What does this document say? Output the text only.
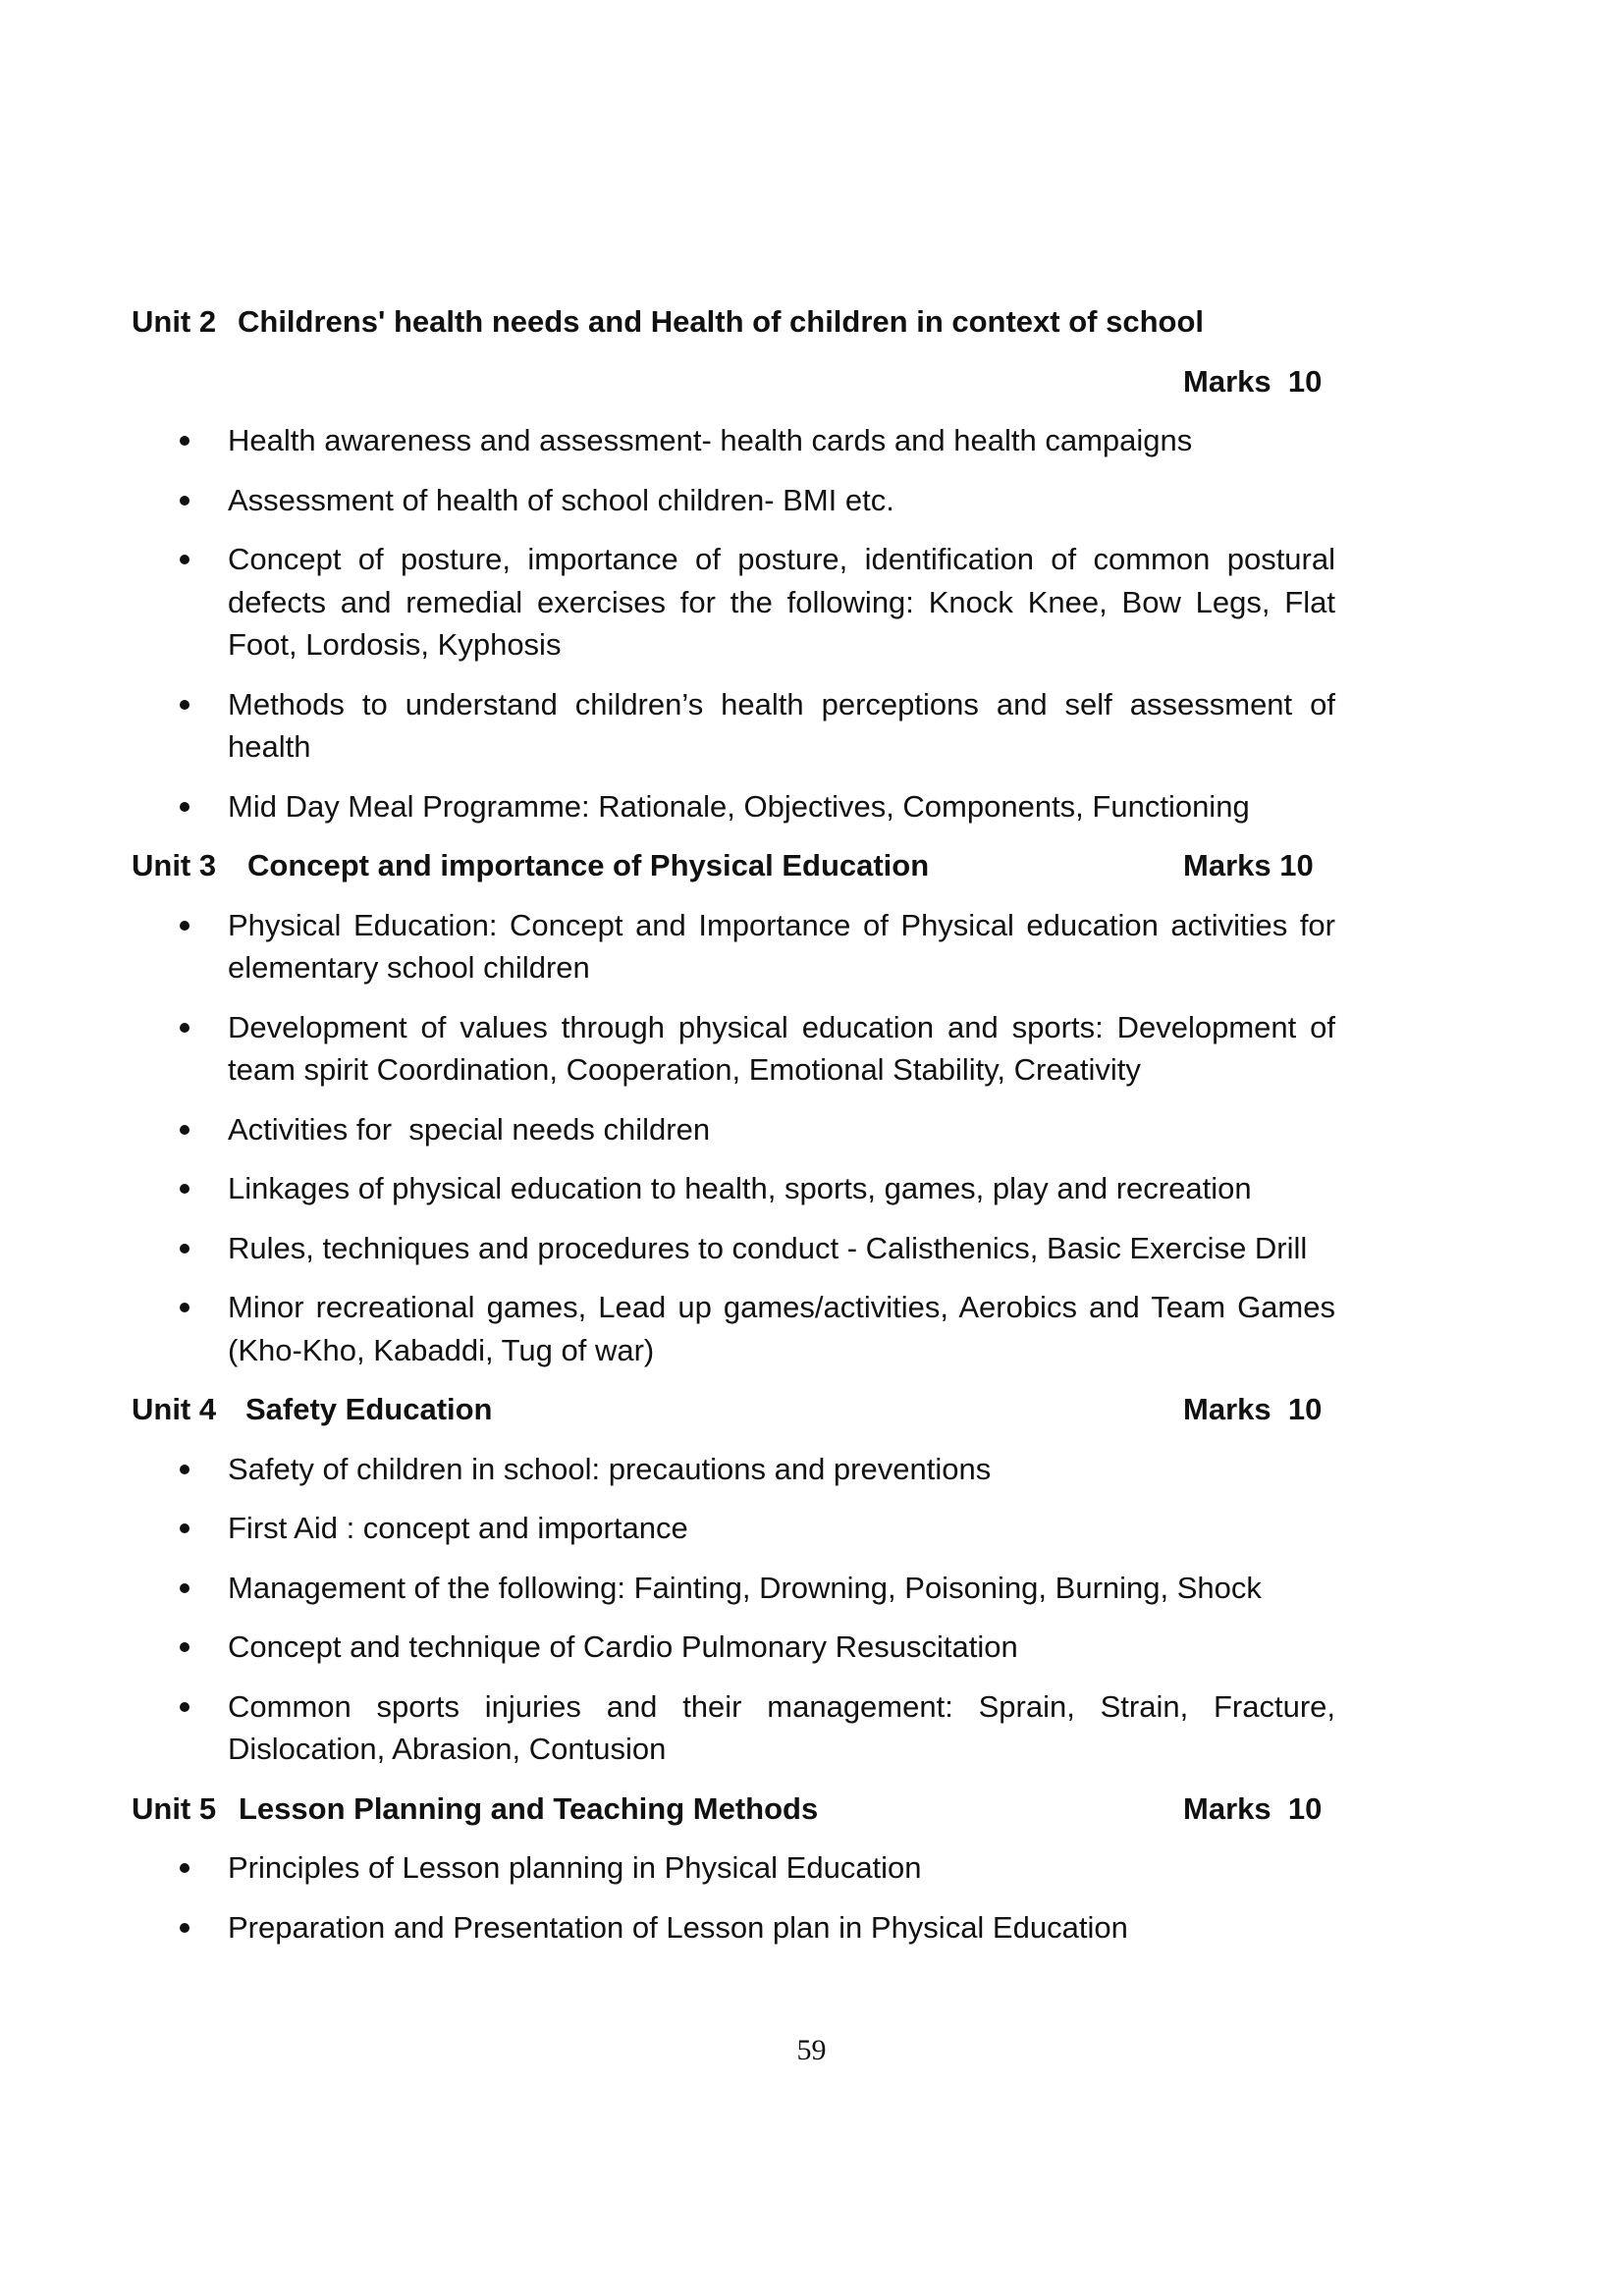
Unit 2 Childrens' health needs and Health of children in context of school
Marks  10
Health awareness and assessment- health cards and health campaigns
Assessment of health of school children- BMI etc.
Concept of posture, importance of posture, identification of common postural defects and remedial exercises for the following: Knock Knee, Bow Legs, Flat Foot, Lordosis, Kyphosis
Methods to understand children’s health perceptions and self assessment of health
Mid Day Meal Programme: Rationale, Objectives, Components, Functioning
Unit 3 Concept and importance of Physical Education	Marks 10
Physical Education: Concept and Importance of Physical education activities for elementary school children
Development of values through physical education and sports: Development of team spirit Coordination, Cooperation, Emotional Stability, Creativity
Activities for  special needs children
Linkages of physical education to health, sports, games, play and recreation
Rules, techniques and procedures to conduct - Calisthenics, Basic Exercise Drill
Minor recreational games, Lead up games/activities, Aerobics and Team Games (Kho-Kho, Kabaddi, Tug of war)
Unit 4 Safety Education	Marks  10
Safety of children in school: precautions and preventions
First Aid : concept and importance
Management of the following: Fainting, Drowning, Poisoning, Burning, Shock
Concept and technique of Cardio Pulmonary Resuscitation
Common sports injuries and their management: Sprain, Strain, Fracture, Dislocation, Abrasion, Contusion
Unit 5 Lesson Planning and Teaching Methods	Marks  10
Principles of Lesson planning in Physical Education
Preparation and Presentation of Lesson plan in Physical Education
59
